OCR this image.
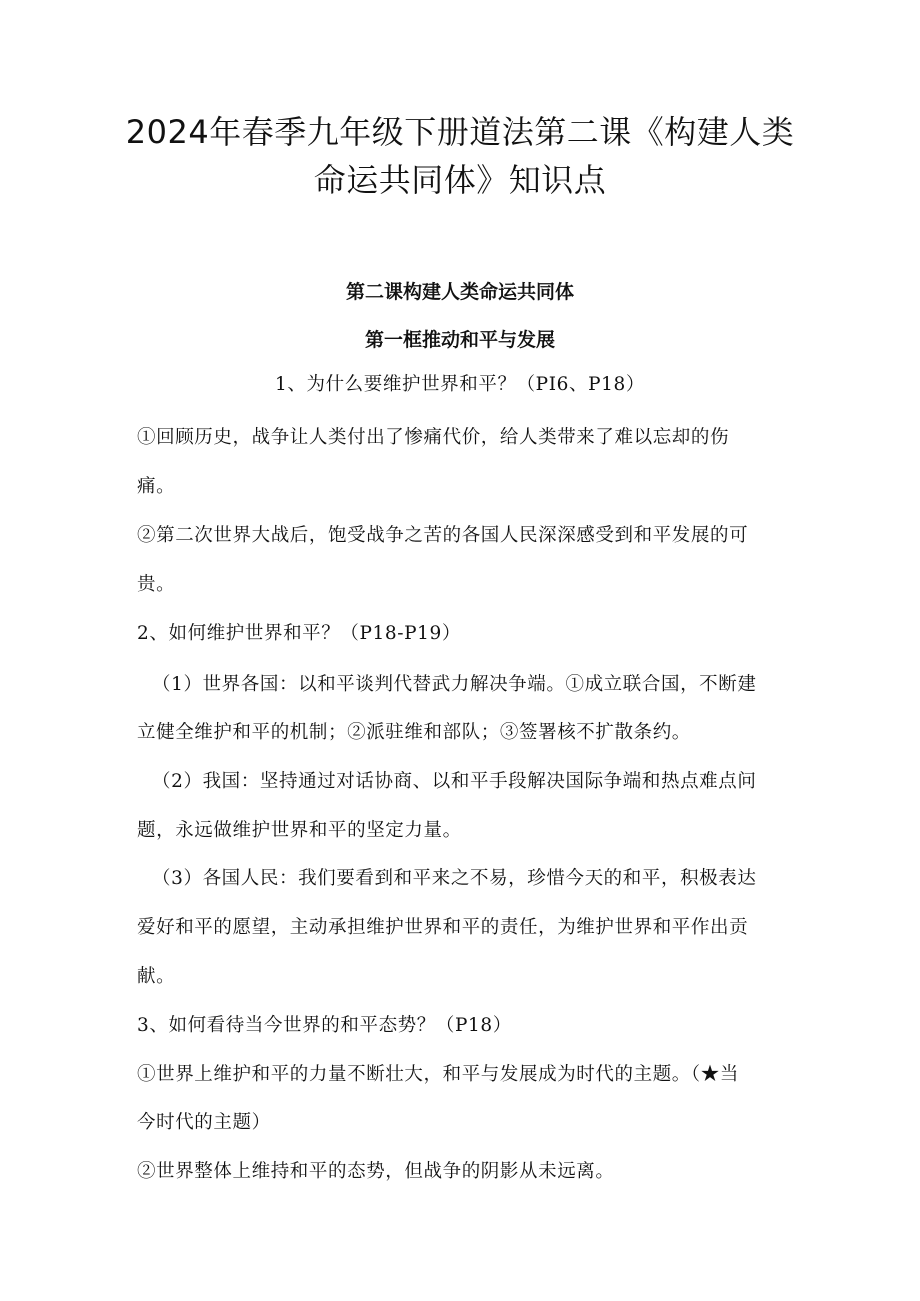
2024年春季九年级下册道法第二课《构建人类
命运共同体》知识点
第二课构建人类命运共同体
第一框推动和平与发展
1、为什么要维护世界和平？（PI6、P18）
①回顾历史，战争让人类付出了惨痛代价，给人类带来了难以忘却的伤
痛。
②第二次世界大战后，饱受战争之苦的各国人民深深感受到和平发展的可
贵。
2、如何维护世界和平？（P18-P19）
（1）世界各国：以和平谈判代替武力解决争端。①成立联合国，不断建
立健全维护和平的机制；②派驻维和部队；③签署核不扩散条约。
（2）我国：坚持通过对话协商、以和平手段解决国际争端和热点难点问
题，永远做维护世界和平的坚定力量。
（3）各国人民：我们要看到和平来之不易，珍惜今天的和平，积极表达
爱好和平的愿望，主动承担维护世界和平的责任，为维护世界和平作出贡
献。
3、如何看待当今世界的和平态势？（P18）
①世界上维护和平的力量不断壮大，和平与发展成为时代的主题。（★当
今时代的主题）
②世界整体上维持和平的态势，但战争的阴影从未远离。
